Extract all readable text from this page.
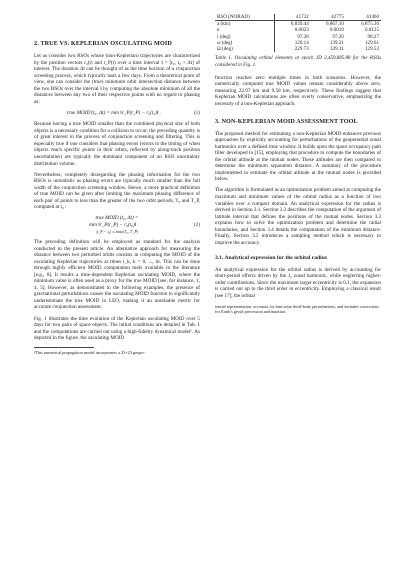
2. TRUE VS. KEPLERIAN OSCULATING MOID

Let us consider two RSOs whose (non-Keplerian) trajectories are characterized by the position vectors r₀(t) and r_P(t) over a time interval I = [t₀, t₀ + Δt] of interest. The duration Δt can be thought of as the time horizon of a conjunction screening process, which typically lasts a few days. From a theoretical point of view, one can consider the (true) minimum orbit intersection distance between the two RSOs over the interval I by computing the absolute minimum of all the distances between any two of their respective points with no regard to phasing as:

true MOID′(t₀, Δt) = min ‖r_P(t_P) − r₀(t₀)‖ .	(1)

Because having a true MOID smaller than the combined physical size of both objects is a necessary condition for a collision to occur, the preceding quantity is of great interest in the process of conjunction screening and filtering. This is especially true if one considers that phasing errors (errors in the timing of when objects reach specific points in their orbits, reflected by along-track position uncertainties) are typically the dominant component of an RSO uncertainty distribution volume.

Nevertheless, completely disregarding the phasing information for the two RSOs is unrealistic as phasing errors are typically much smaller than the full width of the conjunction screening window. Hence, a more practical definition of true MOID can be given after limiting the maximum phasing difference of each pair of points to less than the greater of the two orbit periods, T₀ and T_P, computed at t₀ :

true MOID (t₀, Δt) =
min ‖r_P(t_P) − r₀(t₀)‖ .	(2)
|t_P − t₀| ≤ max(T₀, T_P)

The preceding definition will be employed as standard for the analysis conducted in the present article. An alternative approach for measuring the distance between two perturbed orbits consists in computing the MOID of the osculating Keplerian trajectories at times t_k, k = 0, ..., m. This can be done through highly efficient MOID computation tools available in the literature [e.g., 8]. It results a time-dependent Keplerian osculating MOID, where the minimum value is often used as a proxy for the true MOID [see, for instance, 1, 4, 5]. However, as demonstrated in the following examples, the presence of gravitational perturbations causes the osculating MOID function to significantly underestimate the true MOID in LEO, making it an unreliable metric for accurate conjunction assessment.

Fig. 1 illustrates the time evolution of the Keplerian osculating MOID over 5 days for two pairs of space objects. The initial conditions are detailed in Tab. 1 and the computations are carried out using a high-fidelity dynamical model¹. As depicted in the figure, the osculating MOID

¹This numerical propagation model incorporates a 23×23 geopo-
RSO (NORAD)	41732	42775	41460
a (km)	6,839.44	6,867.10	6,875.36
e	0.0023	0.0019	0.0125
i (deg)	97.36	97.20	98.27
ω (deg)	120.14	139.31	129.61
Ω (deg)	229.73	339.11	129.53
Table 1. Osculating orbital elements at epoch JD 2,459,885.88 for the RSOs considered in Fig. 1.

function reaches zero multiple times in both scenarios. However, the numerically computed true MOID values remain considerably above zero, measuring 22.97 km and 9.58 km, respectively. These findings suggest that Keplerian MOID calculations are often overly conservative, emphasizing the necessity of a non-Keplerian approach.

3. NON-KEPLERIAN MOID ASSESSMENT TOOL

The proposed method for estimating a non-Keplerian MOID enhances previous approaches by explicitly accounting for perturbations of the geopotential zonal harmonics over a defined time window. It builds upon the space occupancy path filter developed in [15], employing that procedure to compute the boundaries of the orbital altitude at the mutual nodes. These altitudes are then compared to determine the minimum separation distance. A summary of the procedure implemented to estimate the orbital altitude at the mutual nodes is provided below.

The algorithm is formulated as an optimization problem aimed at computing the maximum and minimum values of the orbital radius as a function of two variables over a compact domain. An analytical expression for the radius is derived in Section 3.1. Section 3.2 describes the computation of the argument of latitude interval that defines the positions of the mutual nodes. Section 3.3 explains how to solve the optimization problem and determine the radial boundaries, and Section 3.4 details the computation of the minimum distance. Finally, Section 3.5 introduces a sampling method which is necessary to improve the accuracy.

3.1. Analytical expression for the orbital radius

An analytical expression for the orbital radius is derived by accounting for short-period effects driven by the J₂ zonal harmonic, while neglecting higher-order contributions. Since the maximum target eccentricity is 0.1, the expansion is carried out up to the third order in eccentricity. Employing a classical result [see 17], the orbital

tential representation, accounts for luni-solar third-body perturbations, and includes corrections for Earth's geoid precession and nutation.
